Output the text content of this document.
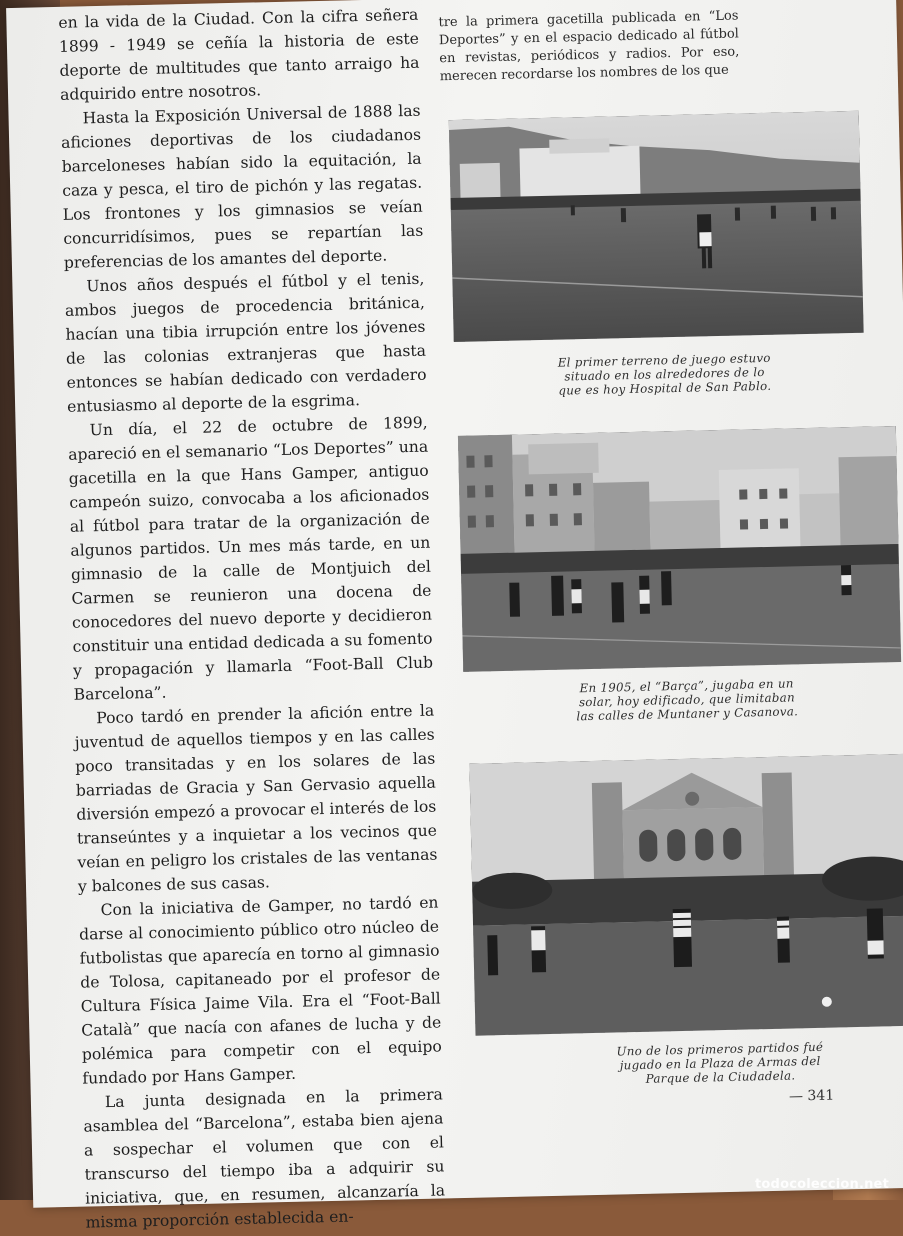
en la vida de la Ciudad. Con la cifra señera 1899 - 1949 se ceñía la historia de este deporte de multitudes que tanto arraigo ha adquirido entre nosotros.

Hasta la Exposición Universal de 1888 las aficiones deportivas de los ciudadanos barceloneses habían sido la equitación, la caza y pesca, el tiro de pichón y las regatas. Los frontones y los gimnasios se veían concurridísimos, pues se repartían las preferencias de los amantes del deporte.

Unos años después el fútbol y el tenis, ambos juegos de procedencia británica, hacían una tibia irrupción entre los jóvenes de las colonias extranjeras que hasta entonces se habían dedicado con verdadero entusiasmo al deporte de la esgrima.

Un día, el 22 de octubre de 1899, apareció en el semanario “Los Deportes” una gacetilla en la que Hans Gamper, antiguo campeón suizo, convocaba a los aficionados al fútbol para tratar de la organización de algunos partidos. Un mes más tarde, en un gimnasio de la calle de Montjuich del Carmen se reunieron una docena de conocedores del nuevo deporte y decidieron constituir una entidad dedicada a su fomento y propagación y llamarla “Foot-Ball Club Barcelona”.

Poco tardó en prender la afición entre la juventud de aquellos tiempos y en las calles poco transitadas y en los solares de las barriadas de Gracia y San Gervasio aquella diversión empezó a provocar el interés de los transeúntes y a inquietar a los vecinos que veían en peligro los cristales de las ventanas y balcones de sus casas.

Con la iniciativa de Gamper, no tardó en darse al conocimiento público otro núcleo de futbolistas que aparecía en torno al gimnasio de Tolosa, capitaneado por el profesor de Cultura Física Jaime Vila. Era el “Foot-Ball Català” que nacía con afanes de lucha y de polémica para competir con el equipo fundado por Hans Gamper.

La junta designada en la primera asamblea del “Barcelona”, estaba bien ajena a sospechar el volumen que con el transcurso del tiempo iba a adquirir su iniciativa, que, en resumen, alcanzaría la misma proporción establecida en-

tre la primera gacetilla publicada en “Los Deportes” y en el espacio dedicado al fútbol en revistas, periódicos y radios. Por eso, merecen recordarse los nombres de los que

El primer terreno de juego estuvo
situado en los alrededores de lo
que es hoy Hospital de San Pablo.
En 1905, el “Barça”, jugaba en un
solar, hoy edificado, que limitaban
las calles de Muntaner y Casanova.
Uno de los primeros partidos fué
jugado en la Plaza de Armas del
Parque de la Ciudadela.
— 341
todocoleccion.net
